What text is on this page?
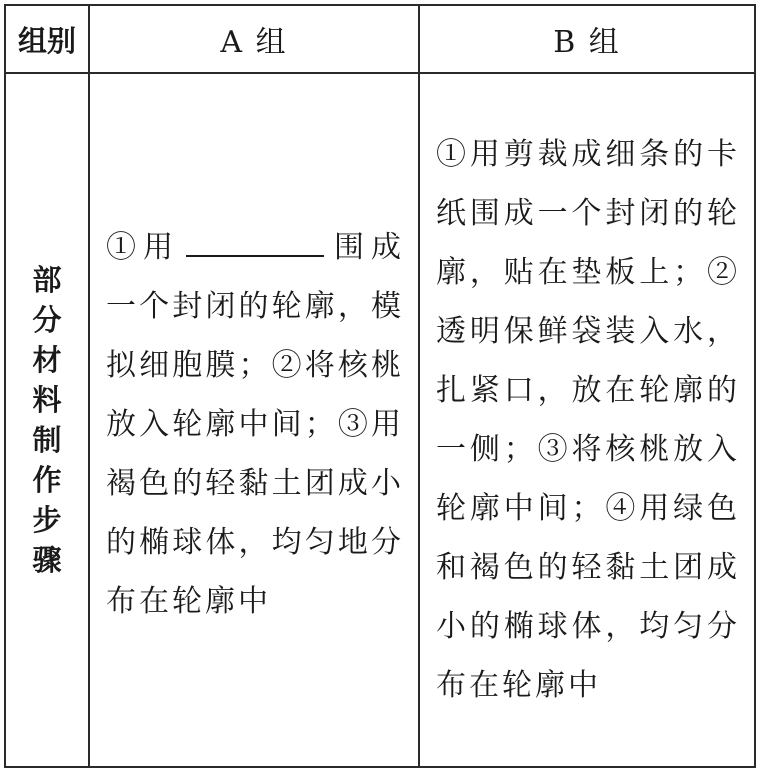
组别	A 组	B 组
部分材料制作步骤	①用 围成一个封闭的轮廓，模拟细胞膜；②将核桃放入轮廓中间；③用褐色的轻黏土团成小的椭球体，均匀地分布在轮廓中	①用剪裁成细条的卡纸围成一个封闭的轮廓，贴在垫板上；②透明保鲜袋装入水，扎紧口，放在轮廓的一侧；③将核桃放入轮廓中间；④用绿色和褐色的轻黏土团成小的椭球体，均匀分布在轮廓中
